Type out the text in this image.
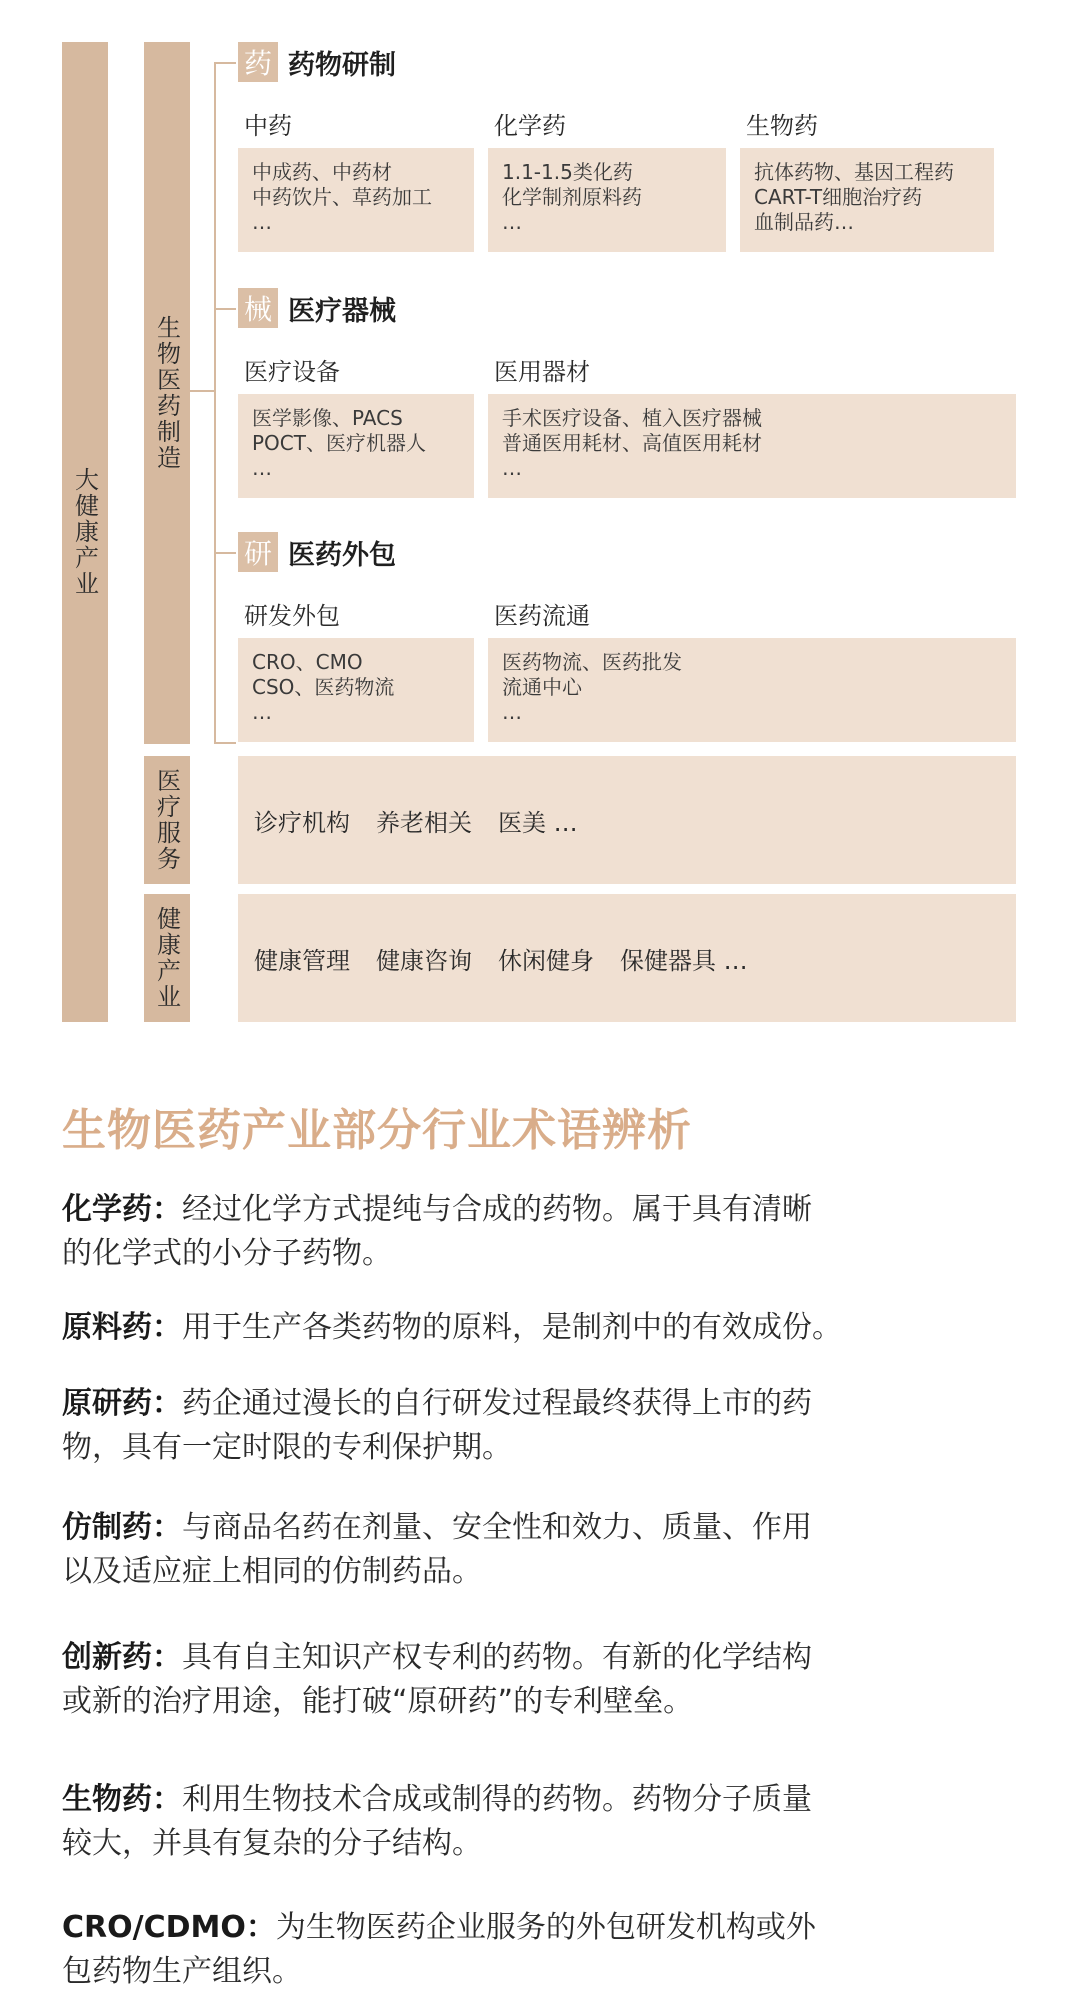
大健康产业
生物医药制造
医疗服务
健康产业
药 药物研制
中药	化学药	生物药
中成药、中药材
中药饮片、草药加工
…
1.1-1.5类化药
化学制剂原料药
…
抗体药物、基因工程药
CART-T细胞治疗药
血制品药…
械 医疗器械
医疗设备	医用器材
医学影像、PACS
POCT、医疗机器人
…
手术医疗设备、植入医疗器械
普通医用耗材、高值医用耗材
…
研 医药外包
研发外包	医药流通
CRO、CMO
CSO、医药物流
…
医药物流、医药批发
流通中心
…
诊疗机构 养老相关 医美 …
健康管理 健康咨询 休闲健身 保健器具 …
生物医药产业部分行业术语辨析
化学药：经过化学方式提纯与合成的药物。属于具有清晰
的化学式的小分子药物。
原料药：用于生产各类药物的原料，是制剂中的有效成份。
原研药：药企通过漫长的自行研发过程最终获得上市的药
物，具有一定时限的专利保护期。
仿制药：与商品名药在剂量、安全性和效力、质量、作用
以及适应症上相同的仿制药品。
创新药：具有自主知识产权专利的药物。有新的化学结构
或新的治疗用途，能打破“原研药”的专利壁垒。
生物药：利用生物技术合成或制得的药物。药物分子质量
较大，并具有复杂的分子结构。
CRO/CDMO：为生物医药企业服务的外包研发机构或外
包药物生产组织。
